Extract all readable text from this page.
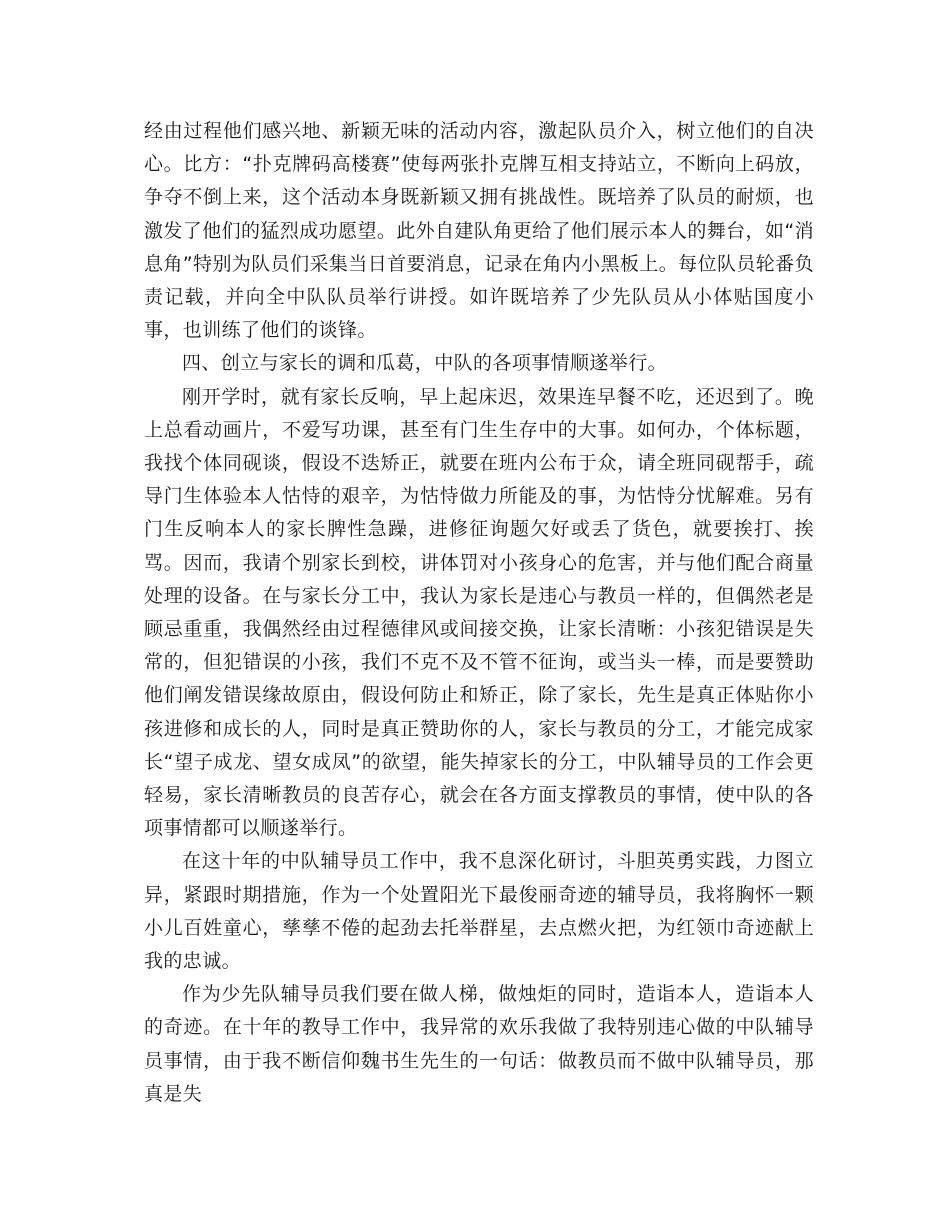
经由过程他们感兴地、新颖无味的活动内容，激起队员介入，树立他们的自决心。比方：“扑克牌码高楼赛”使每两张扑克牌互相支持站立，不断向上码放，争夺不倒上来，这个活动本身既新颖又拥有挑战性。既培养了队员的耐烦，也激发了他们的猛烈成功愿望。此外自建队角更给了他们展示本人的舞台，如“消息角”特别为队员们采集当日首要消息，记录在角内小黑板上。每位队员轮番负责记载，并向全中队队员举行讲授。如许既培养了少先队员从小体贴国度小事，也训练了他们的谈锋。

四、创立与家长的调和瓜葛，中队的各项事情顺遂举行。

刚开学时，就有家长反响，早上起床迟，效果连早餐不吃，还迟到了。晚上总看动画片，不爱写功课，甚至有门生生存中的大事。如何办，个体标题，我找个体同砚谈，假设不迭矫正，就要在班内公布于众，请全班同砚帮手，疏导门生体验本人怙恃的艰辛，为怙恃做力所能及的事，为怙恃分忧解难。另有门生反响本人的家长脾性急躁，进修征询题欠好或丢了货色，就要挨打、挨骂。因而，我请个别家长到校，讲体罚对小孩身心的危害，并与他们配合商量处理的设备。在与家长分工中，我认为家长是违心与教员一样的，但偶然老是顾忌重重，我偶然经由过程德律风或间接交换，让家长清晰：小孩犯错误是失常的，但犯错误的小孩，我们不克不及不管不征询，或当头一棒，而是要赞助他们阐发错误缘故原由，假设何防止和矫正，除了家长，先生是真正体贴你小孩进修和成长的人，同时是真正赞助你的人，家长与教员的分工，才能完成家长“望子成龙、望女成凤”的欲望，能失掉家长的分工，中队辅导员的工作会更轻易，家长清晰教员的良苦存心，就会在各方面支撑教员的事情，使中队的各项事情都可以顺遂举行。

在这十年的中队辅导员工作中，我不息深化研讨，斗胆英勇实践，力图立异，紧跟时期措施，作为一个处置阳光下最俊丽奇迹的辅导员，我将胸怀一颗小儿百姓童心，孳孳不倦的起劲去托举群星，去点燃火把，为红领巾奇迹献上我的忠诚。

作为少先队辅导员我们要在做人梯，做烛炬的同时，造诣本人，造诣本人的奇迹。在十年的教导工作中，我异常的欢乐我做了我特别违心做的中队辅导员事情，由于我不断信仰魏书生先生的一句话：做教员而不做中队辅导员，那真是失
